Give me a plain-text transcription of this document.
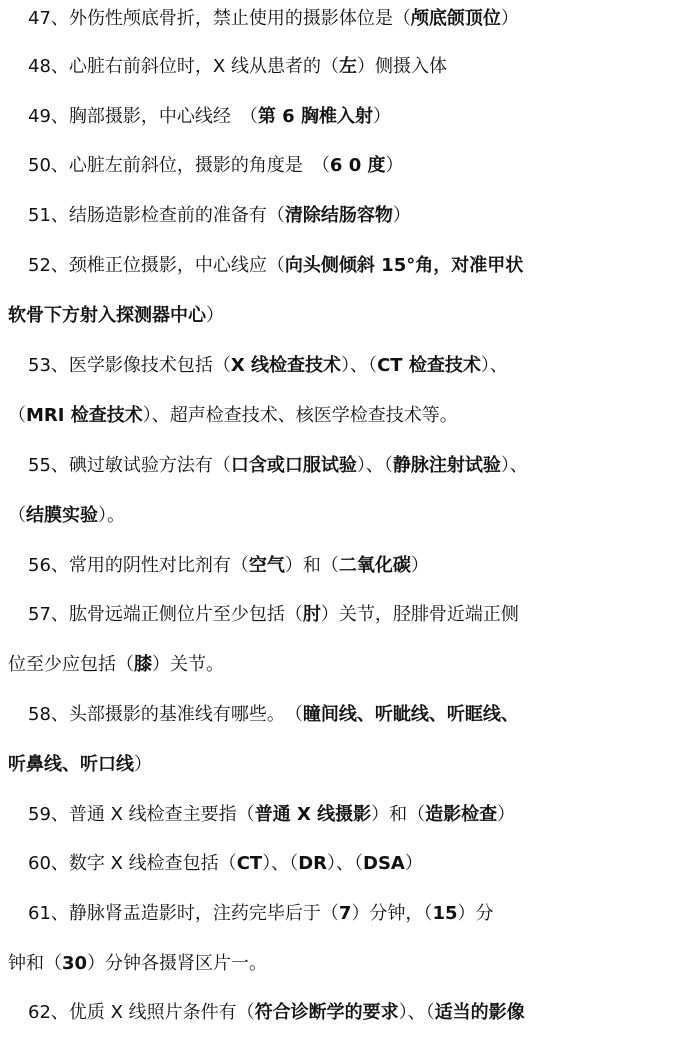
47、外伤性颅底骨折，禁止使用的摄影体位是（颅底颌顶位）
48、心脏右前斜位时，X 线从患者的（左）侧摄入体
49、胸部摄影，中心线经　（第 6 胸椎入射）
50、心脏左前斜位，摄影的角度是　（6 0 度）
51、结肠造影检查前的准备有（清除结肠容物）
52、颈椎正位摄影，中心线应（向头侧倾斜 15°角，对准甲状
软骨下方射入探测器中心）
53、医学影像技术包括（X 线检查技术）、（CT 检查技术）、
（MRI 检查技术）、超声检查技术、核医学检查技术等。
55、碘过敏试验方法有（口含或口服试验）、（静脉注射试验）、
（结膜实验）。
56、常用的阴性对比剂有（空气）和（二氧化碳）
57、肱骨远端正侧位片至少包括（肘）关节，胫腓骨近端正侧
位至少应包括（膝）关节。
58、头部摄影的基准线有哪些。　（瞳间线、听眦线、听眶线、
听鼻线、听口线）
59、普通 X 线检查主要指（普通 X 线摄影）和（造影检查）
60、数字 X 线检查包括（CT）、（DR）、（DSA）
61、静脉肾盂造影时，注药完毕后于（7）分钟，（15）分
钟和（30）分钟各摄肾区片一。
62、优质 X 线照片条件有（符合诊断学的要求）、（适当的影像
